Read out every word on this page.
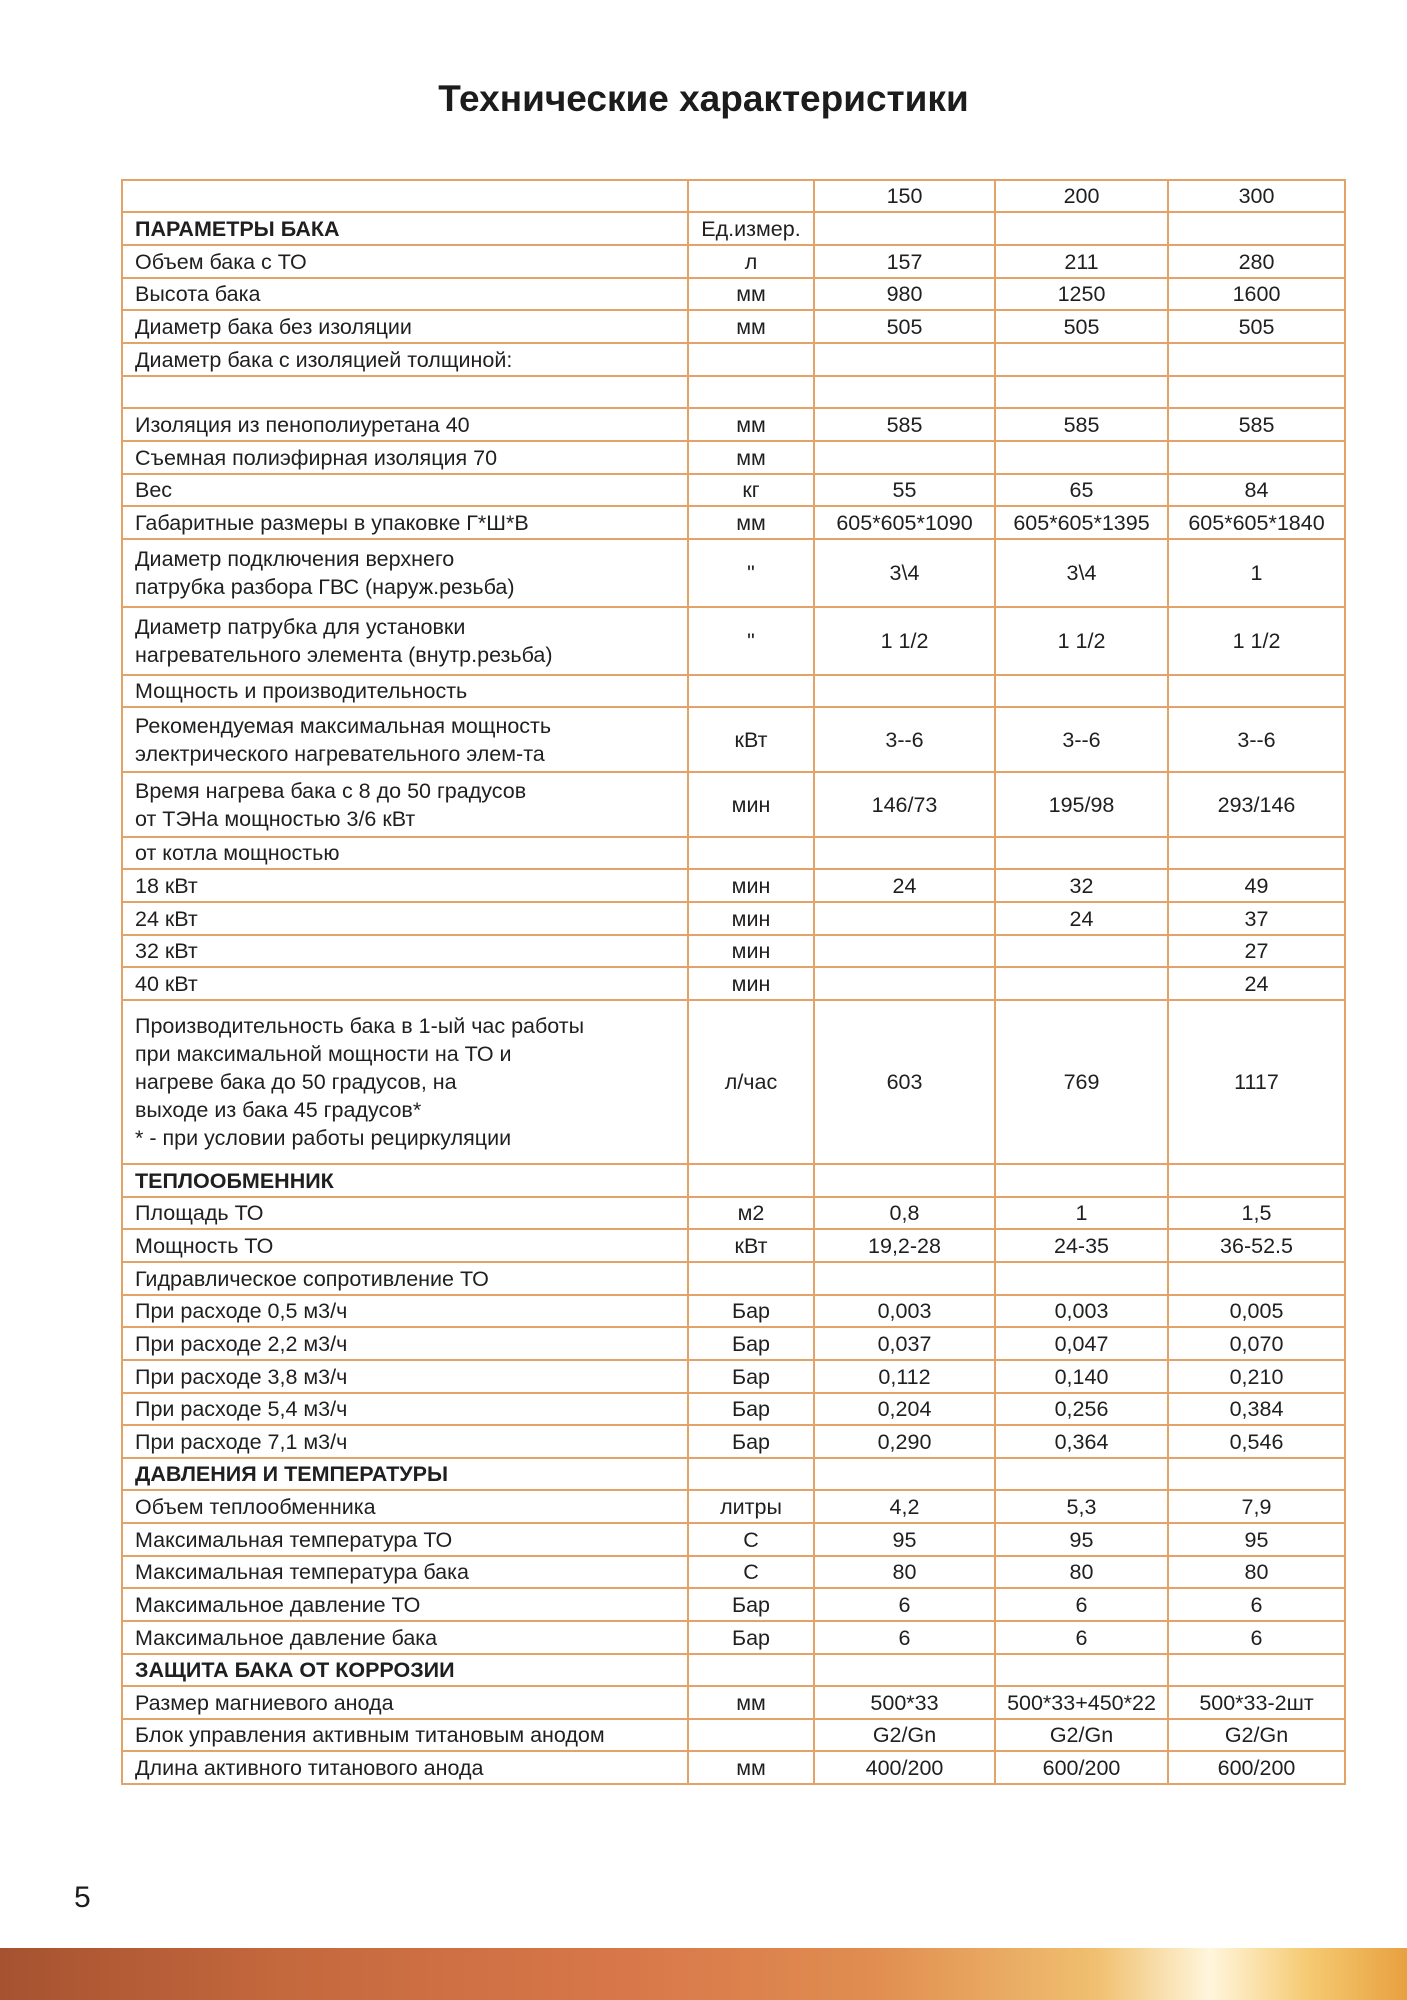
Технические характеристики
		150	200	300
ПАРАМЕТРЫ БАКА	Ед.измер.			
Объем бака с ТО	л	157	211	280
Высота бака	мм	980	1250	1600
Диаметр бака без изоляции	мм	505	505	505
Диаметр бака с изоляцией толщиной:				

Изоляция из пенополиуретана 40	мм	585	585	585
Съемная полиэфирная изоляция 70	мм			
Вес	кг	55	65	84
Габаритные размеры в упаковке Г*Ш*В	мм	605*605*1090	605*605*1395	605*605*1840
Диаметр подключения верхнего
патрубка разбора ГВС (наруж.резьба)	"	3\4	3\4	1
Диаметр патрубка для установки
нагревательного элемента (внутр.резьба)	"	1 1/2	1 1/2	1 1/2
Мощность и производительность				
Рекомендуемая максимальная мощность
электрического нагревательного элем-та	кВт	3--6	3--6	3--6
Время нагрева бака с 8 до 50 градусов
от ТЭНа мощностью 3/6 кВт	мин	146/73	195/98	293/146
от котла мощностью				
18 кВт	мин	24	32	49
24 кВт	мин		24	37
32 кВт	мин			27
40 кВт	мин			24
Производительность бака в 1-ый час работы
при максимальной мощности на ТО и
нагреве бака до 50 градусов, на
выходе из бака 45 градусов*
* - при условии работы рециркуляции	л/час	603	769	1117
ТЕПЛООБМЕННИК				
Площадь ТО	м2	0,8	1	1,5
Мощность ТО	кВт	19,2-28	24-35	36-52.5
Гидравлическое сопротивление ТО				
При расходе 0,5 м3/ч	Бар	0,003	0,003	0,005
При расходе 2,2 м3/ч	Бар	0,037	0,047	0,070
При расходе 3,8 м3/ч	Бар	0,112	0,140	0,210
При расходе 5,4 м3/ч	Бар	0,204	0,256	0,384
При расходе 7,1 м3/ч	Бар	0,290	0,364	0,546
ДАВЛЕНИЯ И ТЕМПЕРАТУРЫ				
Объем теплообменника	литры	4,2	5,3	7,9
Максимальная температура ТО	С	95	95	95
Максимальная температура бака	С	80	80	80
Максимальное давление ТО	Бар	6	6	6
Максимальное давление бака	Бар	6	6	6
ЗАЩИТА БАКА ОТ КОРРОЗИИ				
Размер магниевого анода	мм	500*33	500*33+450*22	500*33-2шт
Блок управления активным титановым анодом		G2/Gn	G2/Gn	G2/Gn
Длина активного титанового анода	мм	400/200	600/200	600/200
5
